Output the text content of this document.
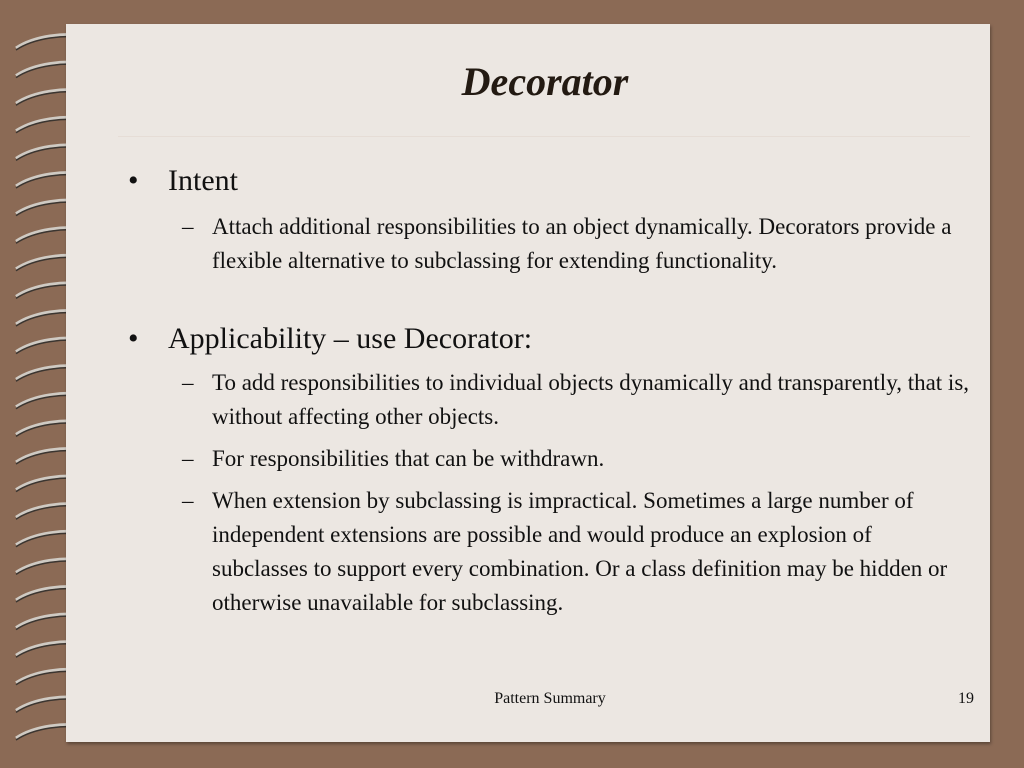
Decorator
• Intent
– Attach additional responsibilities to an object dynamically. Decorators provide a flexible alternative to subclassing for extending functionality.
• Applicability – use Decorator:
– To add responsibilities to individual objects dynamically and transparently, that is, without affecting other objects.
– For responsibilities that can be withdrawn.
– When extension by subclassing is impractical. Sometimes a large number of independent extensions are possible and would produce an explosion of subclasses to support every combination. Or a class definition may be hidden or otherwise unavailable for subclassing.
Pattern Summary	19
